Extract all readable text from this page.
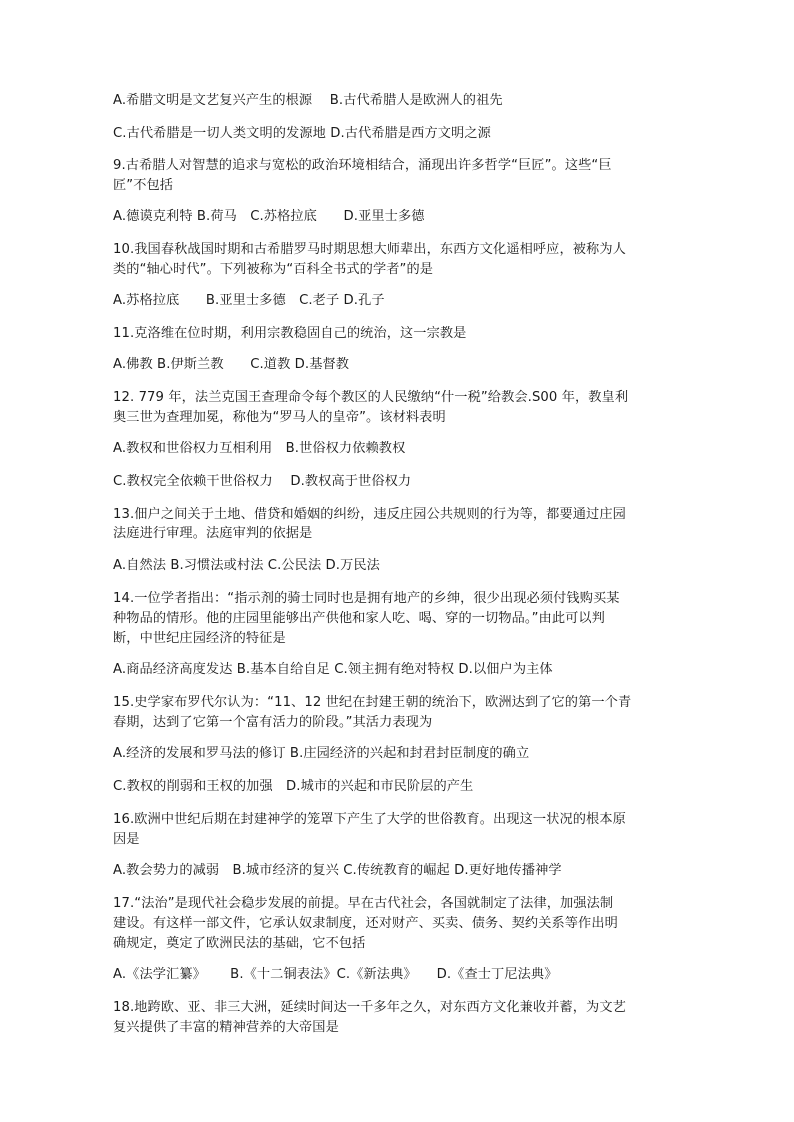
A.希腊文明是文艺复兴产生的根源 　B.古代希腊人是欧洲人的祖先
C.古代希腊是一切人类文明的发源地 D.古代希腊是西方文明之源
9.古希腊人对智慧的追求与宽松的政治环境相结合，涌现出许多哲学“巨匠”。这些“巨
匠”不包括
A.德谟克利特 B.荷马　C.苏格拉底　　D.亚里士多德
10.我国春秋战国时期和古希腊罗马时期思想大师辈出，东西方文化遥相呼应，被称为人
类的“轴心时代”。下列被称为“百科全书式的学者”的是
A.苏格拉底　　B.亚里士多德　C.老子 D.孔子
11.克洛维在位时期，利用宗教稳固自己的统治，这一宗教是
A.佛教 B.伊斯兰教　　C.道教 D.基督教
12. 779 年，法兰克国王查理命令每个教区的人民缴纳“什一税”给教会.S00 年，教皇利
奥三世为查理加冕，称他为“罗马人的皇帝”。该材料表明
A.教权和世俗权力互相利用　B.世俗权力依赖教权
C.教权完全依赖干世俗权力　 D.教权高于世俗权力
13.佃户之间关于土地、借贷和婚姻的纠纷，违反庄园公共规则的行为等，都要通过庄园
法庭进行审理。法庭审判的依据是
A.自然法 B.习惯法或村法 C.公民法 D.万民法
14.一位学者指出：“指示剂的骑士同时也是拥有地产的乡绅，很少出现必须付钱购买某
种物品的情形。他的庄园里能够出产供他和家人吃、喝、穿的一切物品。”由此可以判
断，中世纪庄园经济的特征是
A.商品经济高度发达 B.基本自给自足 C.领主拥有绝对特权 D.以佃户为主体
15.史学家布罗代尔认为：“11、12 世纪在封建王朝的统治下，欧洲达到了它的第一个青
春期，达到了它第一个富有活力的阶段。”其活力表现为
A.经济的发展和罗马法的修订 B.庄园经济的兴起和封君封臣制度的确立
C.教权的削弱和王权的加强　D.城市的兴起和市民阶层的产生
16.欧洲中世纪后期在封建神学的笼罩下产生了大学的世俗教育。出现这一状况的根本原
因是
A.教会势力的减弱　B.城市经济的复兴 C.传统教育的崛起 D.更好地传播神学
17.“法治”是现代社会稳步发展的前提。早在古代社会，各国就制定了法律，加强法制
建设。有这样一部文件，它承认奴隶制度，还对财产、买卖、债务、契约关系等作出明
确规定，奠定了欧洲民法的基础，它不包括
A.《法学汇纂》　　 B.《十二铜表法》C.《新法典》　　D.《查士丁尼法典》
18.地跨欧、亚、非三大洲，延续时间达一千多年之久，对东西方文化兼收并蓄，为文艺
复兴提供了丰富的精神营养的大帝国是
